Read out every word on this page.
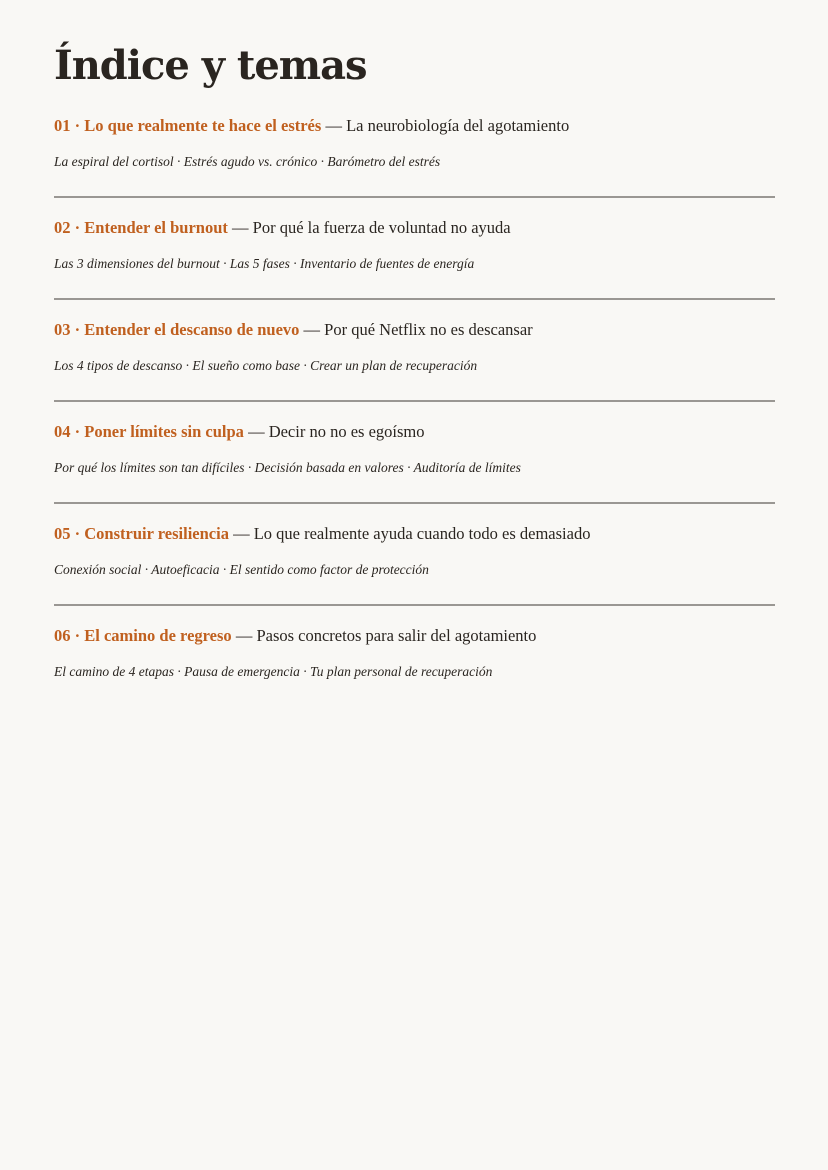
Índice y temas
01 · Lo que realmente te hace el estrés — La neurobiología del agotamiento
La espiral del cortisol · Estrés agudo vs. crónico · Barómetro del estrés
02 · Entender el burnout — Por qué la fuerza de voluntad no ayuda
Las 3 dimensiones del burnout · Las 5 fases · Inventario de fuentes de energía
03 · Entender el descanso de nuevo — Por qué Netflix no es descansar
Los 4 tipos de descanso · El sueño como base · Crear un plan de recuperación
04 · Poner límites sin culpa — Decir no no es egoísmo
Por qué los límites son tan difíciles · Decisión basada en valores · Auditoría de límites
05 · Construir resiliencia — Lo que realmente ayuda cuando todo es demasiado
Conexión social · Autoeficacia · El sentido como factor de protección
06 · El camino de regreso — Pasos concretos para salir del agotamiento
El camino de 4 etapas · Pausa de emergencia · Tu plan personal de recuperación
